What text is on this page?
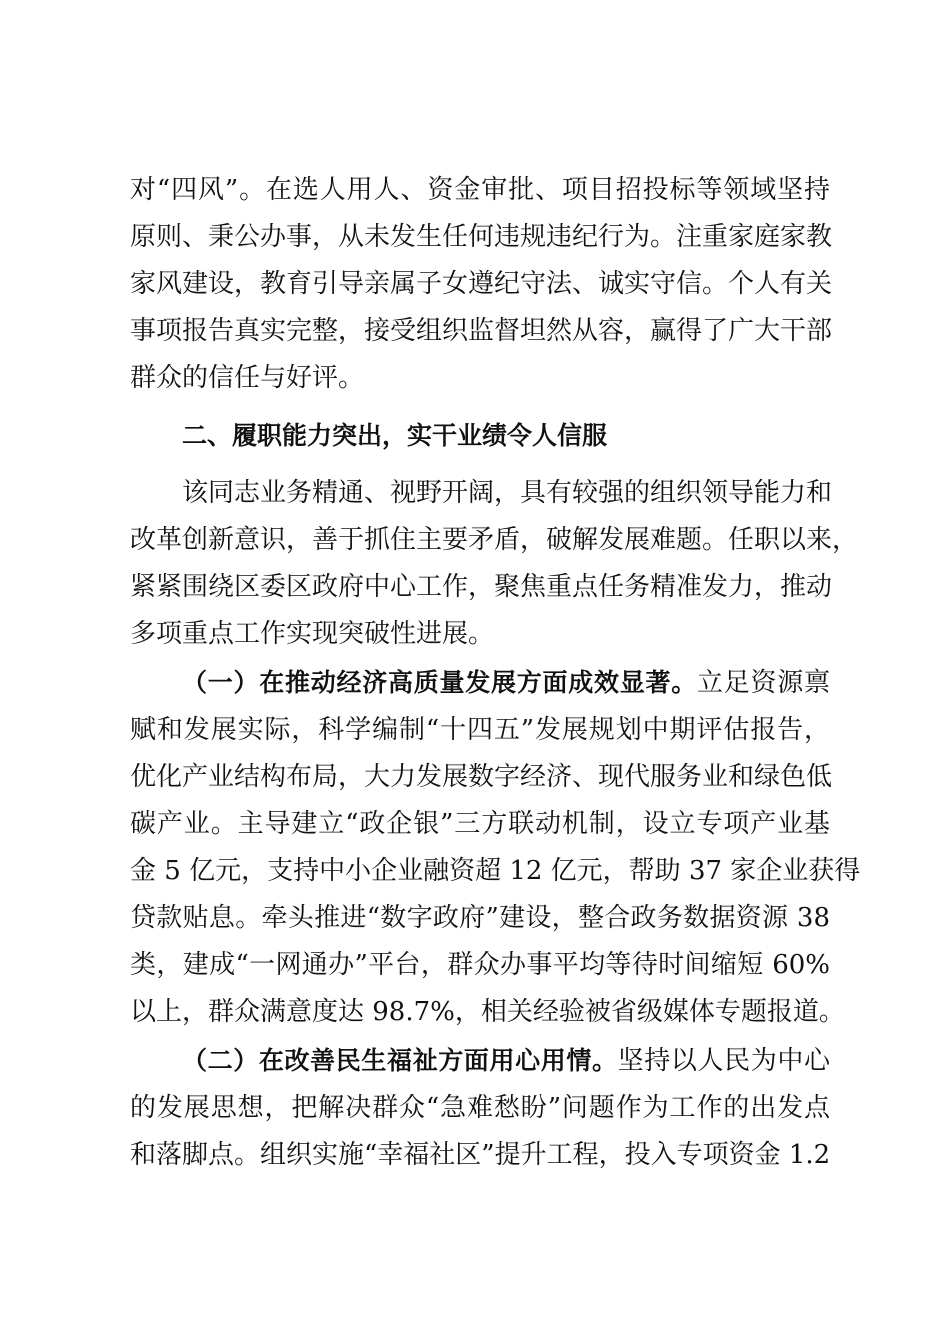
对“四风”。在选人用人、资金审批、项目招投标等领域坚持
原则、秉公办事，从未发生任何违规违纪行为。注重家庭家教
家风建设，教育引导亲属子女遵纪守法、诚实守信。个人有关
事项报告真实完整，接受组织监督坦然从容，赢得了广大干部
群众的信任与好评。
二、履职能力突出，实干业绩令人信服
该同志业务精通、视野开阔，具有较强的组织领导能力和
改革创新意识，善于抓住主要矛盾，破解发展难题。任职以来，
紧紧围绕区委区政府中心工作，聚焦重点任务精准发力，推动
多项重点工作实现突破性进展。
（一）在推动经济高质量发展方面成效显著。立足资源禀
赋和发展实际，科学编制“十四五”发展规划中期评估报告，
优化产业结构布局，大力发展数字经济、现代服务业和绿色低
碳产业。主导建立“政企银”三方联动机制，设立专项产业基
金 5 亿元，支持中小企业融资超 12 亿元，帮助 37 家企业获得
贷款贴息。牵头推进“数字政府”建设，整合政务数据资源 38
类，建成“一网通办”平台，群众办事平均等待时间缩短 60%
以上，群众满意度达 98.7%，相关经验被省级媒体专题报道。
（二）在改善民生福祉方面用心用情。坚持以人民为中心
的发展思想，把解决群众“急难愁盼”问题作为工作的出发点
和落脚点。组织实施“幸福社区”提升工程，投入专项资金 1.2
